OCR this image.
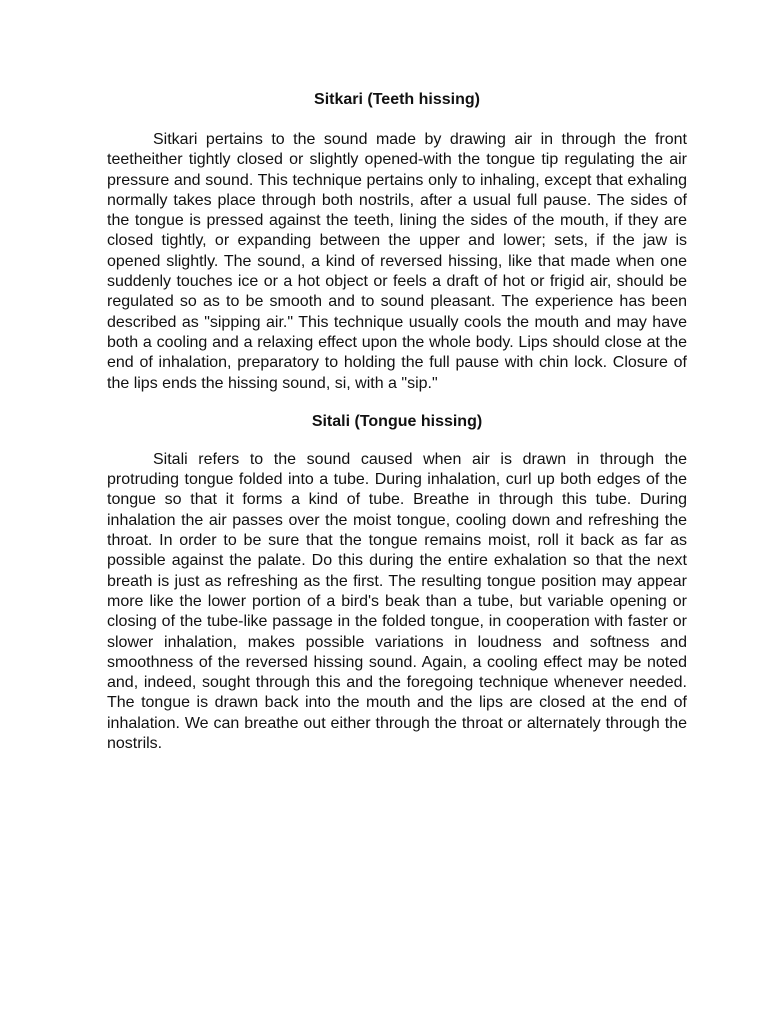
Sitkari (Teeth hissing)

Sitkari pertains to the sound made by drawing air in through the front teetheither tightly closed or slightly opened-with the tongue tip regulating the air pressure and sound. This technique pertains only to inhaling, except that exhaling normally takes place through both nostrils, after a usual full pause. The sides of the tongue is pressed against the teeth, lining the sides of the mouth, if they are closed tightly, or expanding between the upper and lower; sets, if the jaw is opened slightly. The sound, a kind of reversed hissing, like that made when one suddenly touches ice or a hot object or feels a draft of hot or frigid air, should be regulated so as to be smooth and to sound pleasant. The experience has been described as "sipping air." This technique usually cools the mouth and may have both a cooling and a relaxing effect upon the whole body. Lips should close at the end of inhalation, preparatory to holding the full pause with chin lock. Closure of the lips ends the hissing sound, si, with a "sip."

Sitali (Tongue hissing)

Sitali refers to the sound caused when air is drawn in through the protruding tongue folded into a tube. During inhalation, curl up both edges of the tongue so that it forms a kind of tube. Breathe in through this tube. During inhalation the air passes over the moist tongue, cooling down and refreshing the throat. In order to be sure that the tongue remains moist, roll it back as far as possible against the palate. Do this during the entire exhalation so that the next breath is just as refreshing as the first. The resulting tongue position may appear more like the lower portion of a bird's beak than a tube, but variable opening or closing of the tube-like passage in the folded tongue, in cooperation with faster or slower inhalation, makes possible variations in loudness and softness and smoothness of the reversed hissing sound. Again, a cooling effect may be noted and, indeed, sought through this and the foregoing technique whenever needed. The tongue is drawn back into the mouth and the lips are closed at the end of inhalation. We can breathe out either through the throat or alternately through the nostrils.
